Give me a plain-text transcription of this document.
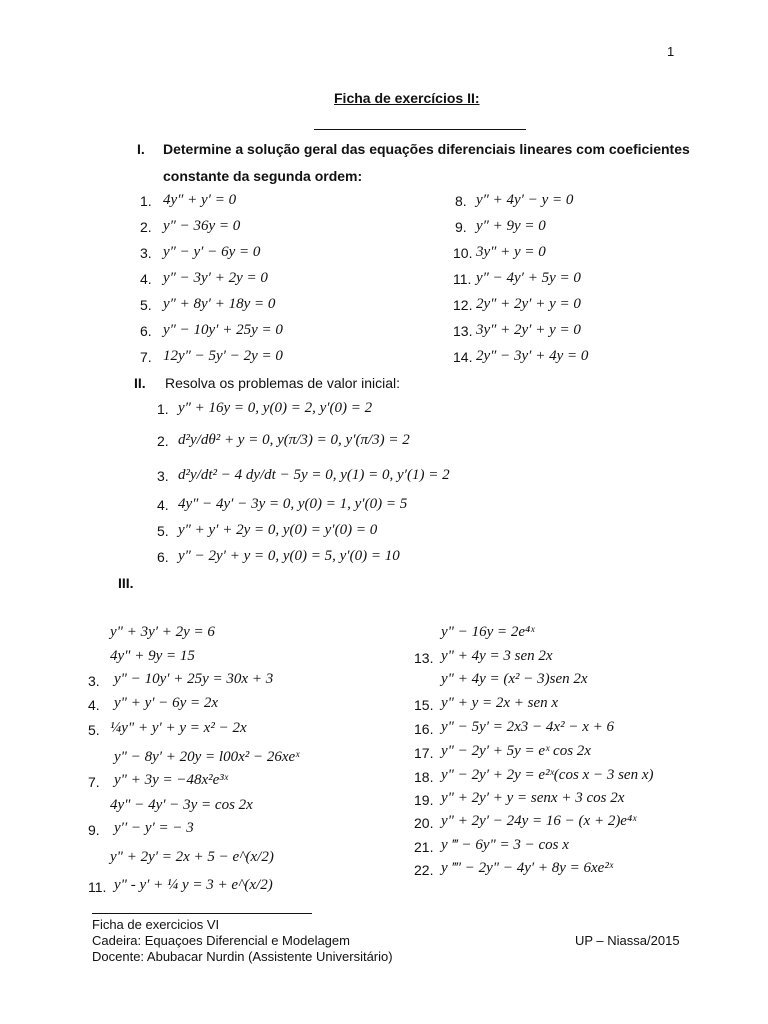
1
Ficha de exercícios II:
I. Determine a solução geral das equações diferenciais lineares com coeficientes
constante da segunda ordem:
1. 4y″ + y′ = 0
2. y″ − 36y = 0
3. y″ − y′ − 6y = 0
4. y″ − 3y′ + 2y = 0
5. y″ + 8y′ + 18y = 0
6. y″ − 10y′ + 25y = 0
7. 12y″ − 5y′ − 2y = 0
8. y″ + 4y′ − y = 0
9. y″ + 9y = 0
10. 3y″ + y = 0
11. y″ − 4y′ + 5y = 0
12. 2y″ + 2y′ + y = 0
13. 3y″ + 2y′ + y = 0
14. 2y″ − 3y′ + 4y = 0
II. Resolva os problemas de valor inicial:
1. y″ + 16y = 0, y(0) = 2, y′(0) = 2
2. d²y/dθ² + y = 0, y(π/3) = 0, y′(π/3) = 2
3. d²y/dt² − 4 dy/dt − 5y = 0, y(1) = 0, y′(1) = 2
4. 4y″ − 4y′ − 3y = 0, y(0) = 1, y′(0) = 5
5. y″ + y′ + 2y = 0, y(0) = y′(0) = 0
6. y″ − 2y′ + y = 0, y(0) = 5, y′(0) = 10
III.
y" + 3y′ + 2y = 6
4y" + 9y = 15
3. y" − 10y′ + 25y = 30x + 3
4. y" + y′ − 6y = 2x
5. ¼y" + y′ + y = x² − 2x
y" − 8y′ + 20y = l00x² − 26xeˣ
7. y" + 3y = −48x²e³ˣ
4y" − 4y′ − 3y = cos 2x
9. y′′ − y′ = − 3
y" + 2y′ = 2x + 5 − e^(x/2)
11. y" - y′ + ¼ y = 3 + e^(x/2)
y" − 16y = 2e⁴ˣ
13. y" + 4y = 3 sen 2x
y" + 4y = (x² − 3)sen 2x
15. y" + y = 2x + sen x
16. y" − 5y′ = 2x3 − 4x² − x + 6
17. y" − 2y′ + 5y = eˣ cos 2x
18. y" − 2y′ + 2y = e²ˣ(cos x − 3 sen x)
19. y" + 2y′ + y = senx + 3 cos 2x
20. y" + 2y′ − 24y = 16 − (x + 2)e⁴ˣ
21. y ‴ − 6y" = 3 − cos x
22. y ‴′ − 2y" − 4y′ + 8y = 6xe²ˣ
Ficha de exercicios VI
Cadeira: Equaçoes Diferencial e Modelagem
Docente: Abubacar Nurdin (Assistente Universitário)
UP – Niassa/2015
